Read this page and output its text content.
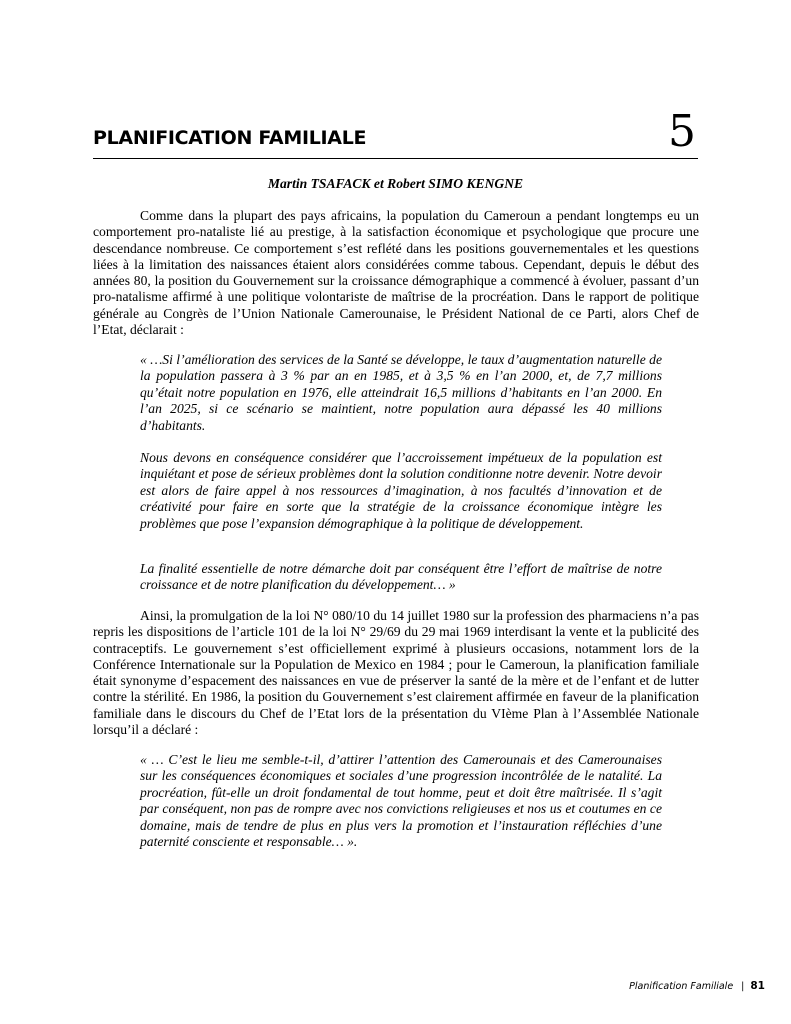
PLANIFICATION FAMILIALE	5
Martin TSAFACK et Robert SIMO KENGNE

Comme dans la plupart des pays africains, la population du Cameroun a pendant longtemps eu un comportement pro-nataliste lié au prestige, à la satisfaction économique et psychologique que procure une descendance nombreuse. Ce comportement s’est reflété dans les positions gouvernementales et les questions liées à la limitation des naissances étaient alors considérées comme tabous. Cependant, depuis le début des années 80, la position du Gouvernement sur la croissance démographique a commencé à évoluer, passant d’un pro-natalisme affirmé à une politique volontariste de maîtrise de la procréation. Dans le rapport de politique générale au Congrès de l’Union Nationale Camerounaise, le Président National de ce Parti, alors Chef de l’Etat, déclarait :

« …Si l’amélioration des services de la Santé se développe, le taux d’augmentation naturelle de la population passera à 3 % par an en 1985, et à 3,5 % en l’an 2000, et, de 7,7 millions qu’était notre population en 1976, elle atteindrait 16,5 millions d’habitants en l’an 2000. En l’an 2025, si ce scénario se maintient, notre population aura dépassé les 40 millions d’habitants.

Nous devons en conséquence considérer que l’accroissement impétueux de la population est inquiétant et pose de sérieux problèmes dont la solution conditionne notre devenir. Notre devoir est alors de faire appel à nos ressources d’imagination, à nos facultés d’innovation et de créativité pour faire en sorte que la stratégie de la croissance économique intègre les problèmes que pose l’expansion démographique à la politique de développement.

La finalité essentielle de notre démarche doit par conséquent être l’effort de maîtrise de notre croissance et de notre planification du développement… »

Ainsi, la promulgation de la loi N° 080/10 du 14 juillet 1980 sur la profession des pharmaciens n’a pas repris les dispositions de l’article 101 de la loi N° 29/69 du 29 mai 1969 interdisant la vente et la publicité des contraceptifs. Le gouvernement s’est officiellement exprimé à plusieurs occasions, notamment lors de la Conférence Internationale sur la Population de Mexico en 1984 ; pour le Cameroun, la planification familiale était synonyme d’espacement des naissances en vue de préserver la santé de la mère et de l’enfant et de lutter contre la stérilité. En 1986, la position du Gouvernement s’est clairement affirmée en faveur de la planification familiale dans le discours du Chef de l’Etat lors de la présentation du VIème Plan à l’Assemblée Nationale lorsqu’il a déclaré :

« … C’est le lieu me semble-t-il, d’attirer l’attention des Camerounais et des Camerounaises sur les conséquences économiques et sociales d’une progression incontrôlée de le natalité. La procréation, fût-elle un droit fondamental de tout homme, peut et doit être maîtrisée. Il s’agit par conséquent, non pas de rompre avec nos convictions religieuses et nos us et coutumes en ce domaine, mais de tendre de plus en plus vers la promotion et l’instauration réfléchies d’une paternité consciente et responsable… ».

Planification Familiale | 81
